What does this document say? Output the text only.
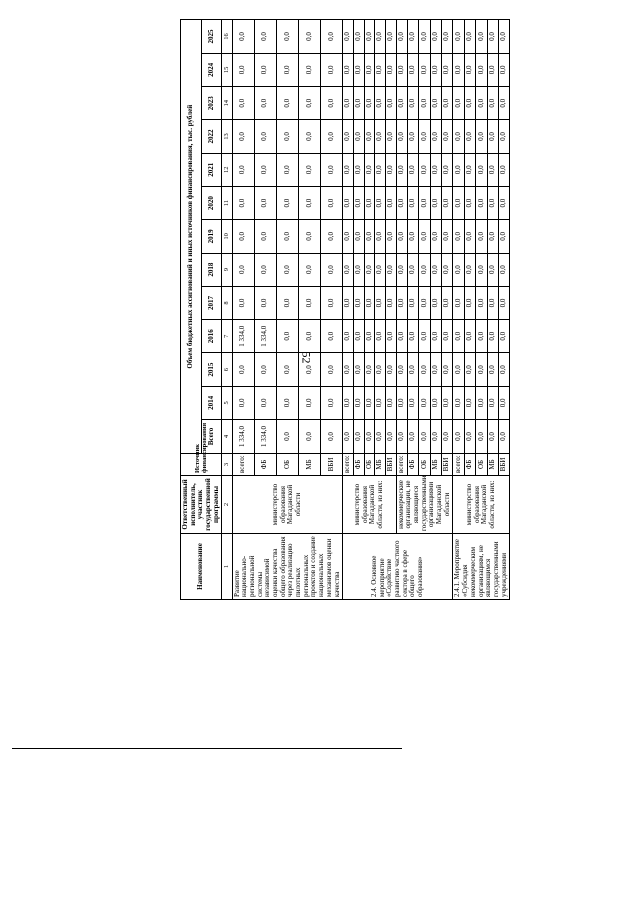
52
Наименование	Ответственный исполнитель, участник государственной программы	Источник финансирования	Объем бюджетных ассигнований и иных источников финансирования, тыс. рублей												
			Всего	2014	2015	2016	2017	2018	2019	2020	2021	2022	2023	2024	2025
1	2	3	4	5	6	7	8	9	10	11	12	13	14	15	16
Развитие национально-региональной системы независимой оценки качества общего образования через реализацию пилотных региональных проектов и создание национальных механизмов оценки качества	министерство образования Магаданской области	всего:	1 334,0	0,0	0,0	1 334,0	0,0	0,0	0,0	0,0	0,0	0,0	0,0	0,0	0,0
		ФБ	1 334,0	0,0	0,0	1 334,0	0,0	0,0	0,0	0,0	0,0	0,0	0,0	0,0	0,0
		ОБ	0,0	0,0	0,0	0,0	0,0	0,0	0,0	0,0	0,0	0,0	0,0	0,0	0,0
		МБ	0,0	0,0	0,0	0,0	0,0	0,0	0,0	0,0	0,0	0,0	0,0	0,0	0,0
		ВБИ	0,0	0,0	0,0	0,0	0,0	0,0	0,0	0,0	0,0	0,0	0,0	0,0	0,0
2.4. Основное мероприятие «Содействие развитию частного сектора в сфере общего образования»	министерство образования Магаданской области, из них:	всего:	0,0	0,0	0,0	0,0	0,0	0,0	0,0	0,0	0,0	0,0	0,0	0,0	0,0
		ФБ	0,0	0,0	0,0	0,0	0,0	0,0	0,0	0,0	0,0	0,0	0,0	0,0	0,0
		ОБ	0,0	0,0	0,0	0,0	0,0	0,0	0,0	0,0	0,0	0,0	0,0	0,0	0,0
		МБ	0,0	0,0	0,0	0,0	0,0	0,0	0,0	0,0	0,0	0,0	0,0	0,0	0,0
		ВБИ	0,0	0,0	0,0	0,0	0,0	0,0	0,0	0,0	0,0	0,0	0,0	0,0	0,0
	некоммерческие организации, не являющиеся государственными организациями Магаданской области	всего:	0,0	0,0	0,0	0,0	0,0	0,0	0,0	0,0	0,0	0,0	0,0	0,0	0,0
		ФБ	0,0	0,0	0,0	0,0	0,0	0,0	0,0	0,0	0,0	0,0	0,0	0,0	0,0
		ОБ	0,0	0,0	0,0	0,0	0,0	0,0	0,0	0,0	0,0	0,0	0,0	0,0	0,0
		МБ	0,0	0,0	0,0	0,0	0,0	0,0	0,0	0,0	0,0	0,0	0,0	0,0	0,0
		ВБИ	0,0	0,0	0,0	0,0	0,0	0,0	0,0	0,0	0,0	0,0	0,0	0,0	0,0
2.4.1. Мероприятие «Субсидия некоммерческим организациям, не являющимся государственными учреждениями	министерство образования Магаданской области, из них:	всего:	0,0	0,0	0,0	0,0	0,0	0,0	0,0	0,0	0,0	0,0	0,0	0,0	0,0
		ФБ	0,0	0,0	0,0	0,0	0,0	0,0	0,0	0,0	0,0	0,0	0,0	0,0	0,0
		ОБ	0,0	0,0	0,0	0,0	0,0	0,0	0,0	0,0	0,0	0,0	0,0	0,0	0,0
		МБ	0,0	0,0	0,0	0,0	0,0	0,0	0,0	0,0	0,0	0,0	0,0	0,0	0,0
		ВБИ	0,0	0,0	0,0	0,0	0,0	0,0	0,0	0,0	0,0	0,0	0,0	0,0	0,0
